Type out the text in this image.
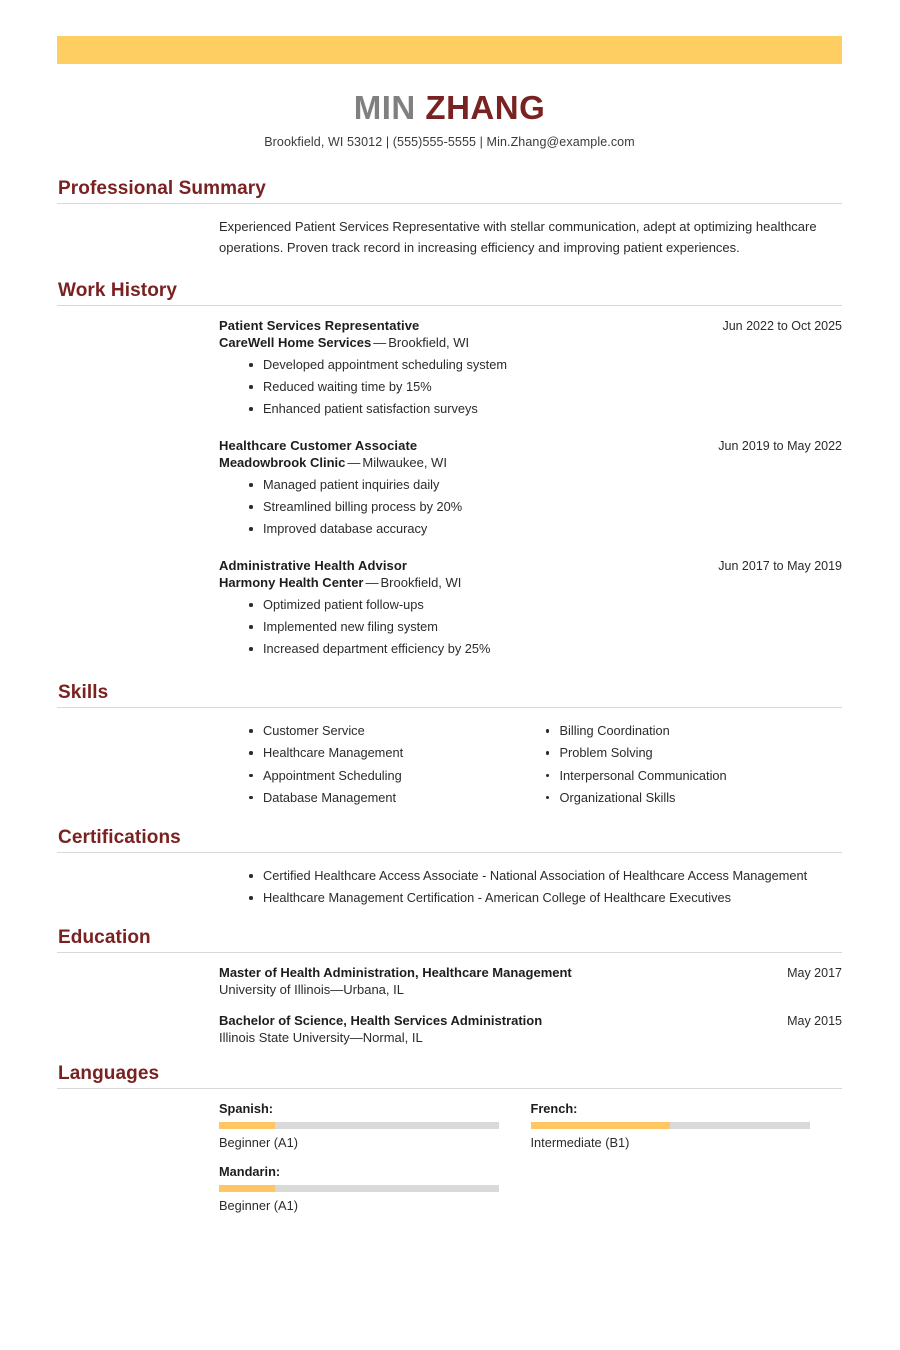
MIN ZHANG
Brookfield, WI 53012 | (555)555-5555 | Min.Zhang@example.com
Professional Summary
Experienced Patient Services Representative with stellar communication, adept at optimizing healthcare operations. Proven track record in increasing efficiency and improving patient experiences.
Work History
Patient Services Representative	Jun 2022 to Oct 2025
CareWell Home Services — Brookfield, WI
Developed appointment scheduling system
Reduced waiting time by 15%
Enhanced patient satisfaction surveys
Healthcare Customer Associate	Jun 2019 to May 2022
Meadowbrook Clinic — Milwaukee, WI
Managed patient inquiries daily
Streamlined billing process by 20%
Improved database accuracy
Administrative Health Advisor	Jun 2017 to May 2019
Harmony Health Center — Brookfield, WI
Optimized patient follow-ups
Implemented new filing system
Increased department efficiency by 25%
Skills
Customer Service
Healthcare Management
Appointment Scheduling
Database Management
Billing Coordination
Problem Solving
Interpersonal Communication
Organizational Skills
Certifications
Certified Healthcare Access Associate - National Association of Healthcare Access Management
Healthcare Management Certification - American College of Healthcare Executives
Education
Master of Health Administration, Healthcare Management	May 2017
University of Illinois—Urbana, IL
Bachelor of Science, Health Services Administration	May 2015
Illinois State University—Normal, IL
Languages
Spanish:
Beginner (A1)
French:
Intermediate (B1)
Mandarin:
Beginner (A1)
